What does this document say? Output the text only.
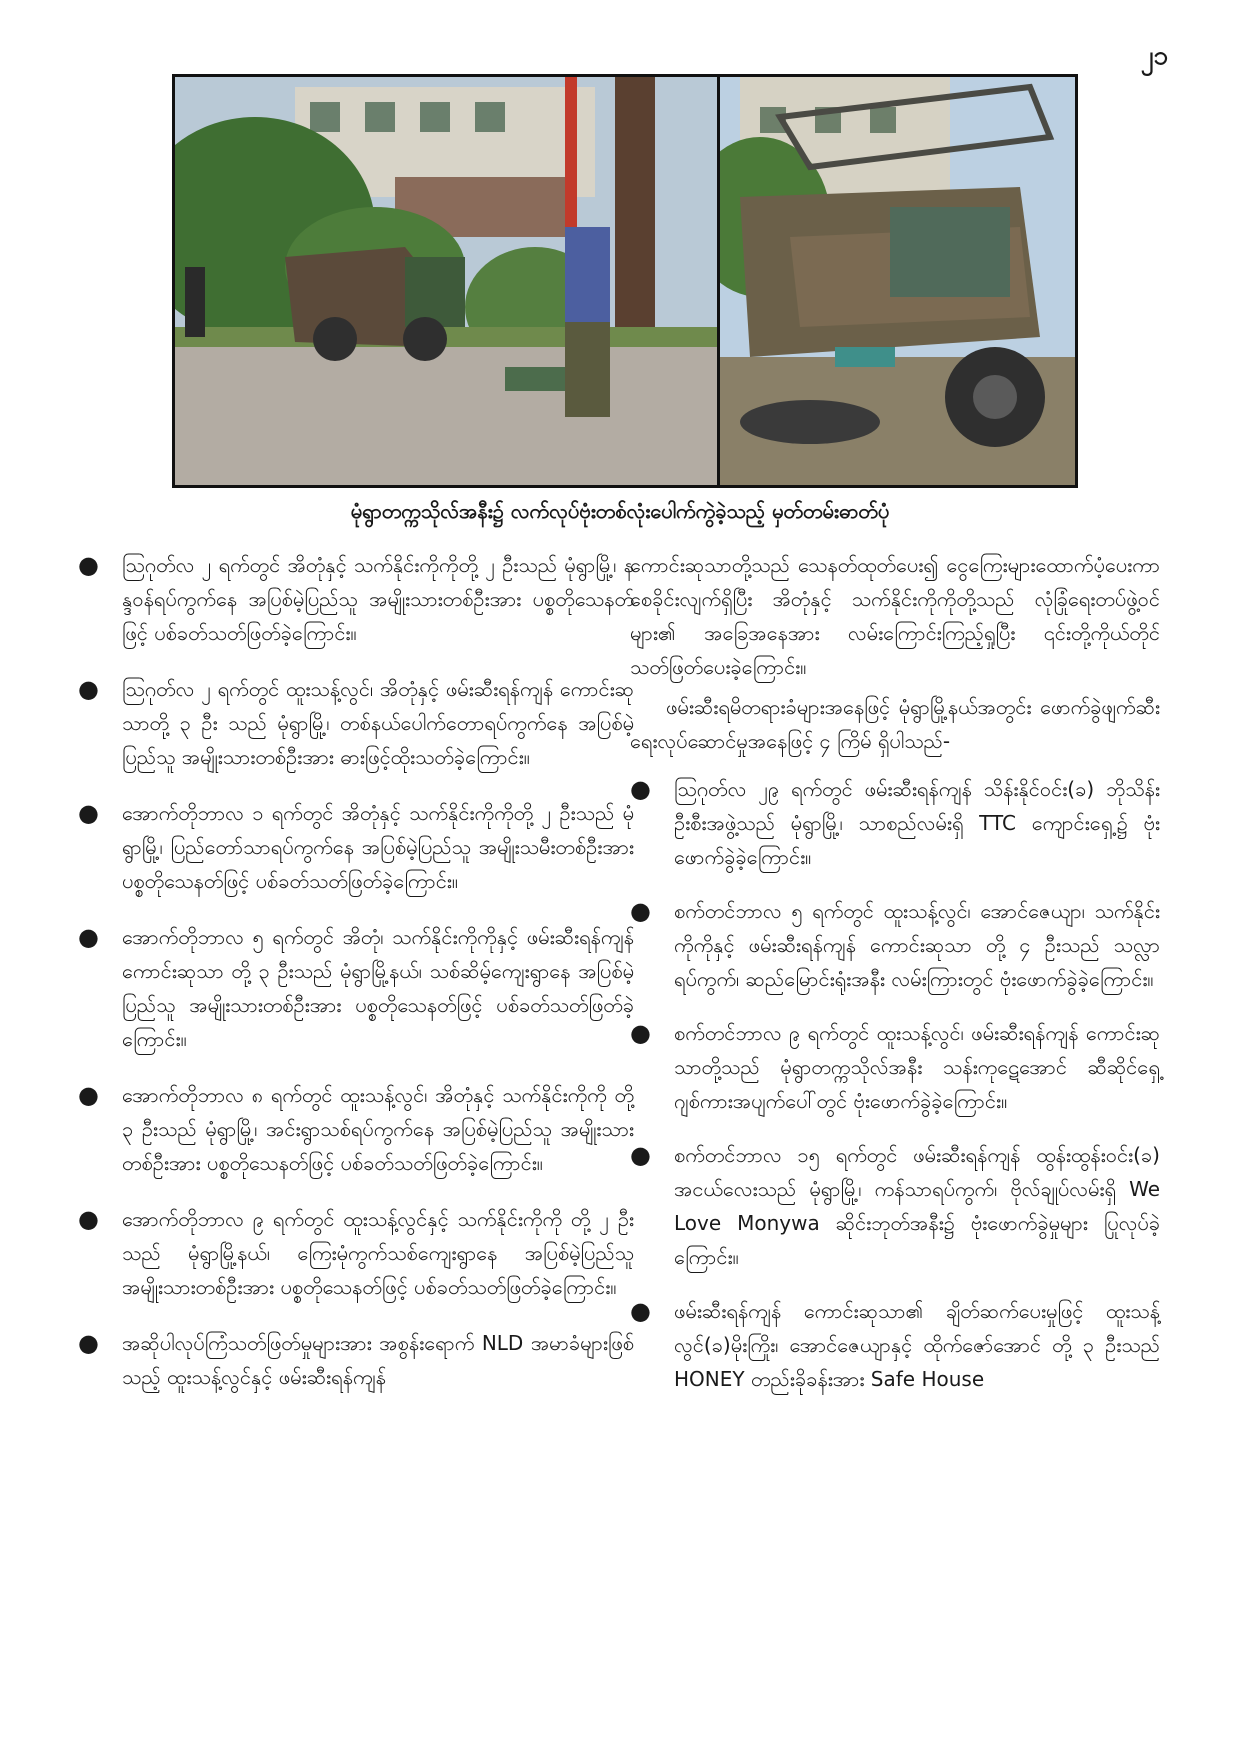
၂၁
မုံရွာတက္ကသိုလ်အနီး၌ လက်လုပ်ဗုံးတစ်လုံးပေါက်ကွဲခဲ့သည့် မှတ်တမ်းဓာတ်ပုံ
● ဩဂုတ်လ ၂ ရက်တွင် အိတုံနှင့် သက်နိုင်းကိုကိုတို့ ၂ ဦးသည် မုံရွာမြို့၊ နန္ဒဝန်ရပ်ကွက်နေ အပြစ်မဲ့ပြည်သူ အမျိုးသားတစ်ဦးအား ပစ္စတိုသေနတ်ဖြင့် ပစ်ခတ်သတ်ဖြတ်ခဲ့ကြောင်း။
● ဩဂုတ်လ ၂ ရက်တွင် ထူးသန့်လွင်၊ အိတုံနှင့် ဖမ်းဆီးရန်ကျန် ကောင်းဆုသာတို့ ၃ ဦး သည် မုံရွာမြို့၊ တစ်နယ်ပေါက်တောရပ်ကွက်နေ အပြစ်မဲ့ပြည်သူ အမျိုးသားတစ်ဦးအား ဓားဖြင့်ထိုးသတ်ခဲ့ကြောင်း။
● အောက်တိုဘာလ ၁ ရက်တွင် အိတုံနှင့် သက်နိုင်းကိုကိုတို့ ၂ ဦးသည် မုံရွာမြို့၊ ပြည်တော်သာရပ်ကွက်နေ အပြစ်မဲ့ပြည်သူ အမျိုးသမီးတစ်ဦးအား ပစ္စတိုသေနတ်ဖြင့် ပစ်ခတ်သတ်ဖြတ်ခဲ့ကြောင်း။
● အောက်တိုဘာလ ၅ ရက်တွင် အိတုံ၊ သက်နိုင်းကိုကိုနှင့် ဖမ်းဆီးရန်ကျန် ကောင်းဆုသာ တို့ ၃ ဦးသည် မုံရွာမြို့နယ်၊ သစ်ဆိမ့်ကျေးရွာနေ အပြစ်မဲ့ပြည်သူ အမျိုးသားတစ်ဦးအား ပစ္စတိုသေနတ်ဖြင့် ပစ်ခတ်သတ်ဖြတ်ခဲ့ကြောင်း။
● အောက်တိုဘာလ ၈ ရက်တွင် ထူးသန့်လွင်၊ အိတုံနှင့် သက်နိုင်းကိုကို တို့ ၃ ဦးသည် မုံရွာမြို့၊ အင်းရွာသစ်ရပ်ကွက်နေ အပြစ်မဲ့ပြည်သူ အမျိုးသားတစ်ဦးအား ပစ္စတိုသေနတ်ဖြင့် ပစ်ခတ်သတ်ဖြတ်ခဲ့ကြောင်း။
● အောက်တိုဘာလ ၉ ရက်တွင် ထူးသန့်လွင်နှင့် သက်နိုင်းကိုကို တို့ ၂ ဦးသည် မုံရွာမြို့နယ်၊ ကြေးမုံကွက်သစ်ကျေးရွာနေ အပြစ်မဲ့ပြည်သူ အမျိုးသားတစ်ဦးအား ပစ္စတိုသေနတ်ဖြင့် ပစ်ခတ်သတ်ဖြတ်ခဲ့ကြောင်း။
● အဆိုပါလုပ်ကြံသတ်ဖြတ်မှုများအား အစွန်းရောက် NLD အမာခံများဖြစ်သည့် ထူးသန့်လွင်နှင့် ဖမ်းဆီးရန်ကျန်
ကောင်းဆုသာတို့သည် သေနတ်ထုတ်ပေး၍ ငွေကြေးများထောက်ပံ့ပေးကာ စေခိုင်းလျက်ရှိပြီး အိတုံနှင့် သက်နိုင်းကိုကိုတို့သည် လုံခြုံရေးတပ်ဖွဲ့ဝင်များ၏ အခြေအနေအား လမ်းကြောင်းကြည့်ရှုပြီး ၎င်းတို့ကိုယ်တိုင်သတ်ဖြတ်ပေးခဲ့ကြောင်း။
ဖမ်းဆီးရမိတရားခံများအနေဖြင့် မုံရွာမြို့နယ်အတွင်း ဖောက်ခွဲဖျက်ဆီးရေးလုပ်ဆောင်မှုအနေဖြင့် ၄ ကြိမ် ရှိပါသည်-
● ဩဂုတ်လ ၂၉ ရက်တွင် ဖမ်းဆီးရန်ကျန် သိန်းနိုင်ဝင်း(ခ) ဘိုသိန်း ဦးစီးအဖွဲ့သည် မုံရွာမြို့၊ သာစည်လမ်းရှိ TTC ကျောင်းရှေ့၌ ဗုံးဖောက်ခွဲခဲ့ကြောင်း။
● စက်တင်ဘာလ ၅ ရက်တွင် ထူးသန့်လွင်၊ အောင်ဇေယျာ၊ သက်နိုင်းကိုကိုနှင့် ဖမ်းဆီးရန်ကျန် ကောင်းဆုသာ တို့ ၄ ဦးသည် သလ္လာရပ်ကွက်၊ ဆည်မြောင်းရုံးအနီး လမ်းကြားတွင် ဗုံးဖောက်ခွဲခဲ့ကြောင်း။
● စက်တင်ဘာလ ၉ ရက်တွင် ထူးသန့်လွင်၊ ဖမ်းဆီးရန်ကျန် ကောင်းဆုသာတို့သည် မုံရွာတက္ကသိုလ်အနီး သန်းကုဋေအောင် ဆီဆိုင်ရှေ့ ဂျစ်ကားအပျက်ပေါ်တွင် ဗုံးဖောက်ခွဲခဲ့ကြောင်း။
● စက်တင်ဘာလ ၁၅ ရက်တွင် ဖမ်းဆီးရန်ကျန် ထွန်းထွန်းဝင်း(ခ) အငယ်လေးသည် မုံရွာမြို့၊ ကန်သာရပ်ကွက်၊ ဗိုလ်ချုပ်လမ်းရှိ We Love Monywa ဆိုင်းဘုတ်အနီး၌ ဗုံးဖောက်ခွဲမှုများ ပြုလုပ်ခဲ့ကြောင်း။
● ဖမ်းဆီးရန်ကျန် ကောင်းဆုသာ၏ ချိတ်ဆက်ပေးမှုဖြင့် ထူးသန့်လွင်(ခ)မိုးကြိုး၊ အောင်ဇေယျာနှင့် ထိုက်ဇော်အောင် တို့ ၃ ဦးသည် HONEY တည်းခိုခန်းအား Safe House
